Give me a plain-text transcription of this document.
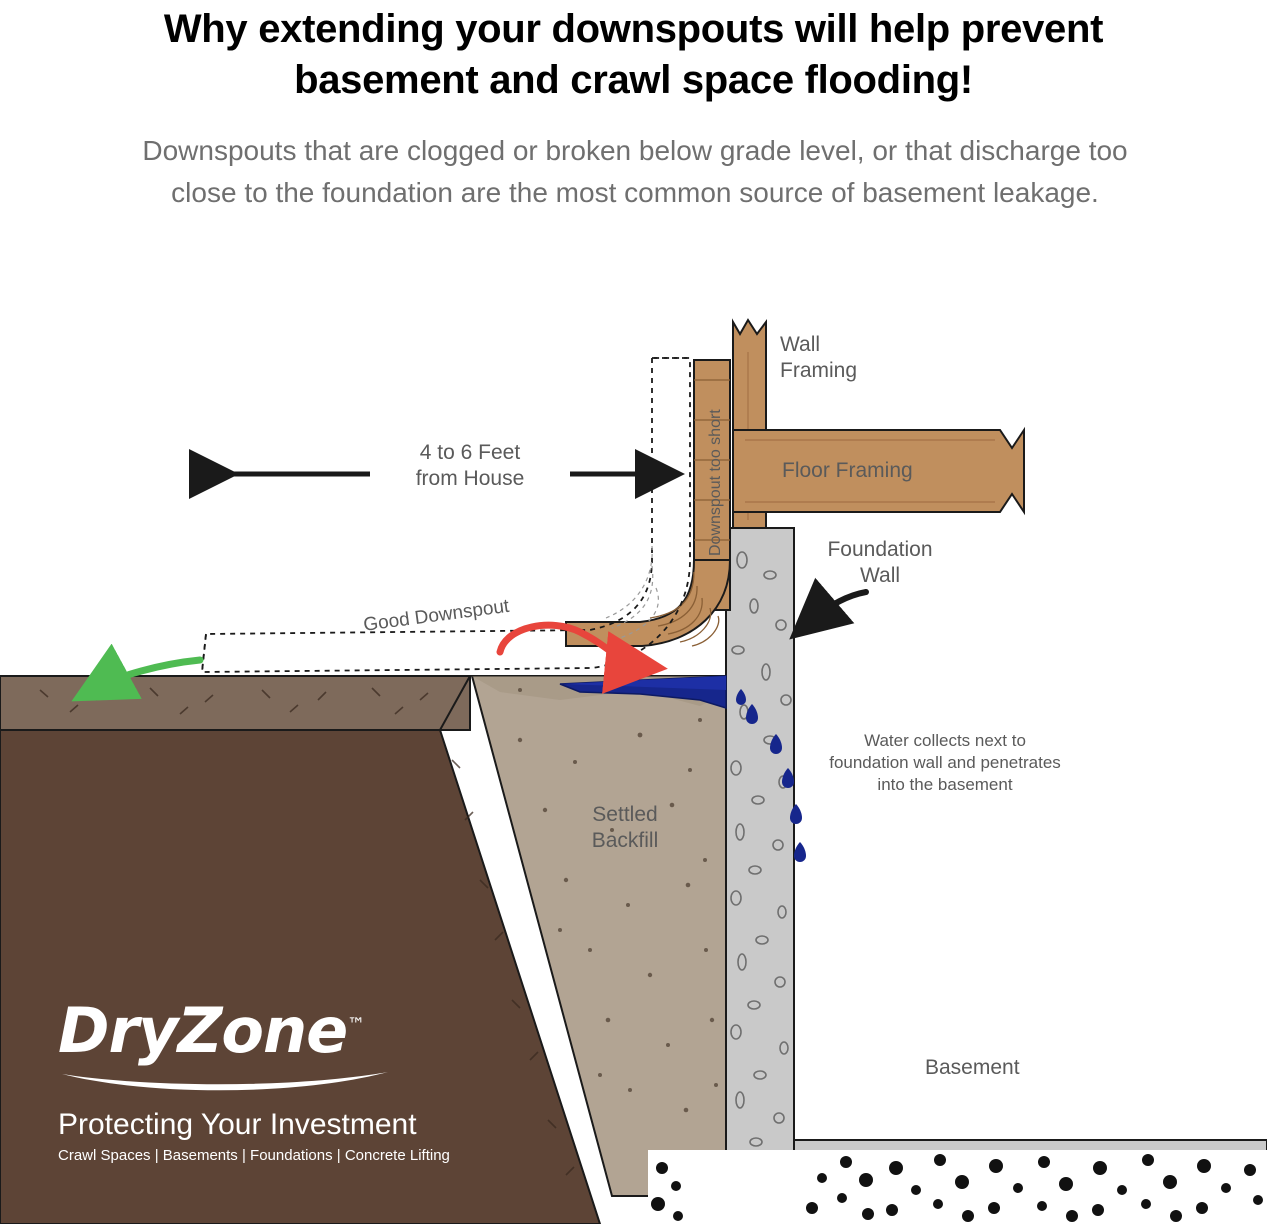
Why extending your downspouts will help prevent
basement and crawl space flooding!
Downspouts that are clogged or broken below grade level, or that discharge too close to the foundation are the most common source of basement leakage.
Wall
Framing
Floor Framing
Foundation
Wall
4 to 6 Feet
from House	Downspout too short
Good Downspout
Settled
Backfill
Water collects next to
foundation wall and penetrates
into the basement
Basement
DryZone™
Protecting Your Investment
Crawl Spaces | Basements | Foundations | Concrete Lifting
